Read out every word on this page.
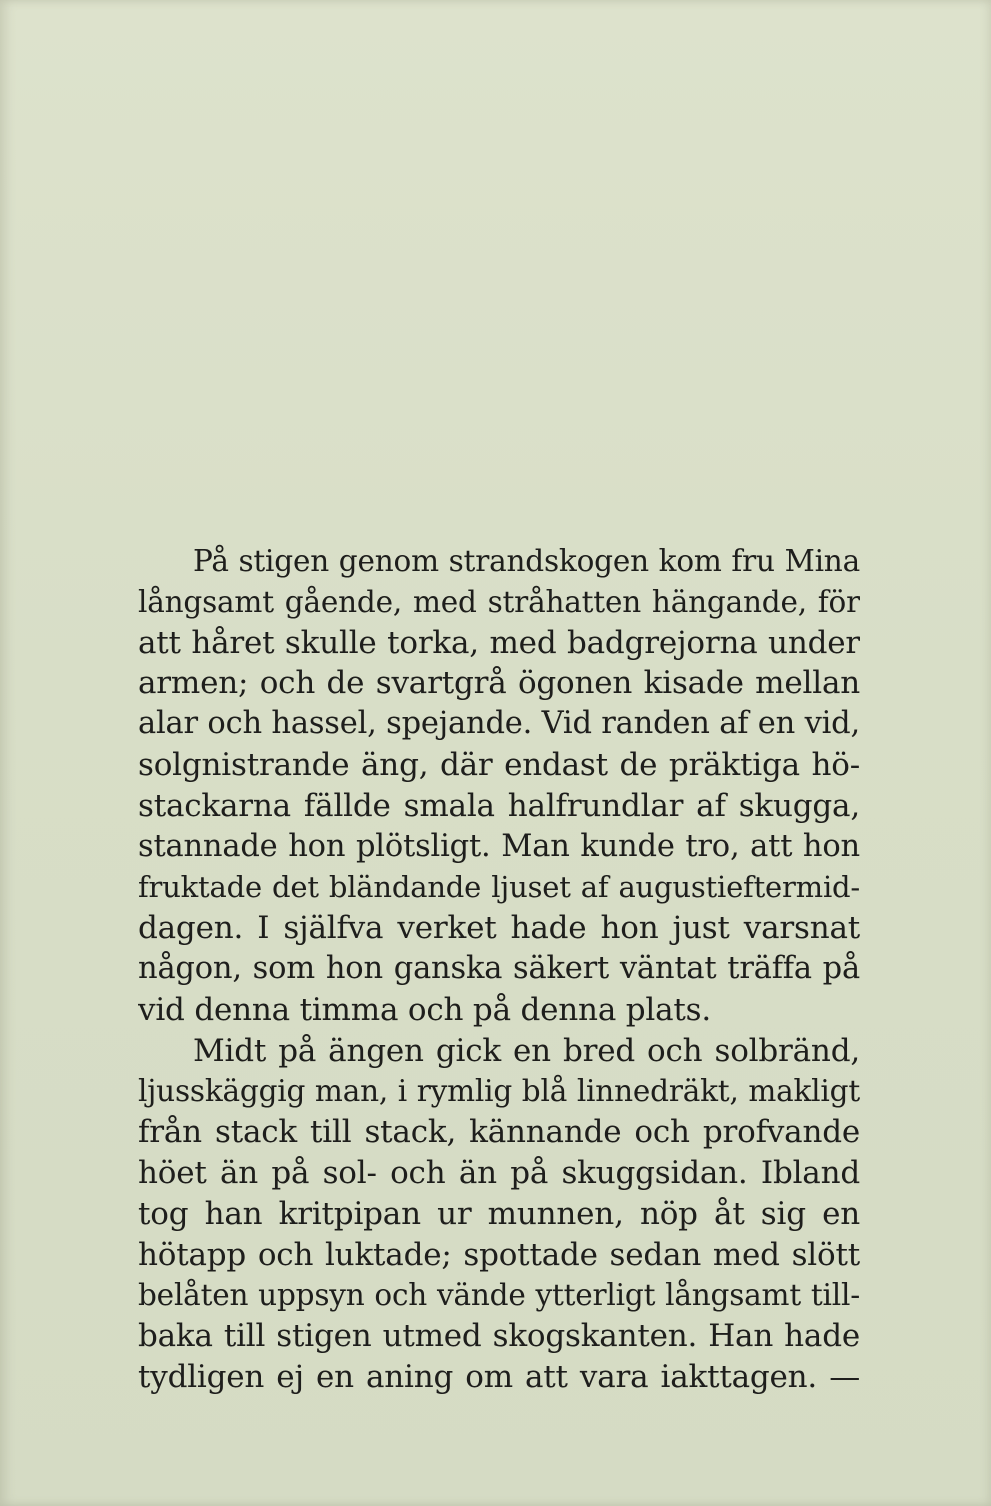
På stigen genom strandskogen kom fru Mina
långsamt gående, med stråhatten hängande, för
att håret skulle torka, med badgrejorna under
armen; och de svartgrå ögonen kisade mellan
alar och hassel, spejande. Vid randen af en vid,
solgnistrande äng, där endast de präktiga hö-
stackarna fällde smala halfrundlar af skugga,
stannade hon plötsligt. Man kunde tro, att hon
fruktade det bländande ljuset af augustieftermid-
dagen. I själfva verket hade hon just varsnat
någon, som hon ganska säkert väntat träffa på
vid denna timma och på denna plats.
Midt på ängen gick en bred och solbränd,
ljusskäggig man, i rymlig blå linnedräkt, makligt
från stack till stack, kännande och profvande
höet än på sol- och än på skuggsidan. Ibland
tog han kritpipan ur munnen, nöp åt sig en
hötapp och luktade; spottade sedan med slött
belåten uppsyn och vände ytterligt långsamt till-
baka till stigen utmed skogskanten. Han hade
tydligen ej en aning om att vara iakttagen. —
